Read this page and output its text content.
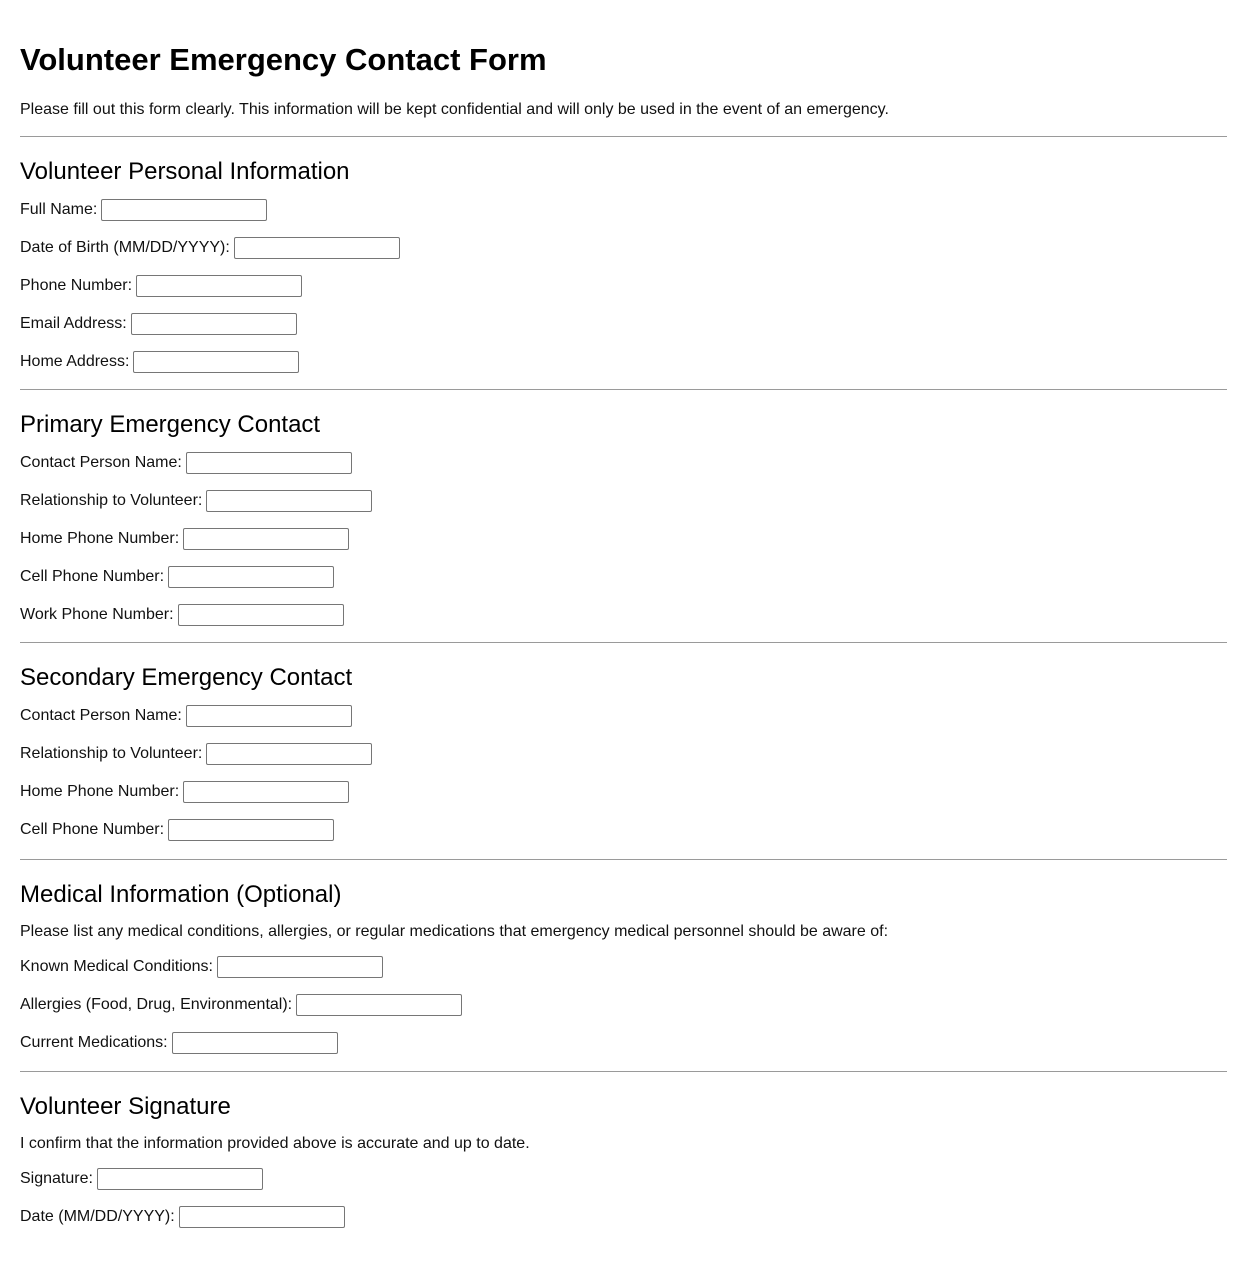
Volunteer Emergency Contact Form

Please fill out this form clearly. This information will be kept confidential and will only be used in the event of an emergency.

Volunteer Personal Information
Full Name:
Date of Birth (MM/DD/YYYY):
Phone Number:
Email Address:
Home Address:
Primary Emergency Contact
Contact Person Name:
Relationship to Volunteer:
Home Phone Number:
Cell Phone Number:
Work Phone Number:
Secondary Emergency Contact
Contact Person Name:
Relationship to Volunteer:
Home Phone Number:
Cell Phone Number:
Medical Information (Optional)

Please list any medical conditions, allergies, or regular medications that emergency medical personnel should be aware of:

Known Medical Conditions:
Allergies (Food, Drug, Environmental):
Current Medications:
Volunteer Signature

I confirm that the information provided above is accurate and up to date.

Signature:
Date (MM/DD/YYYY):
